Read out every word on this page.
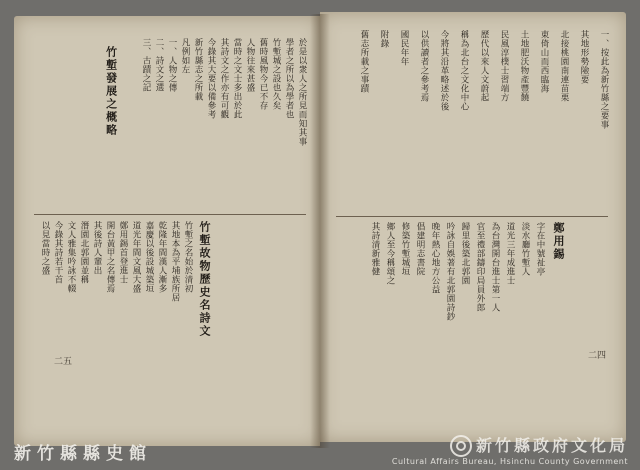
於是以衆人之所見而知其事
學者之所以為學者也
竹塹城之設也久矣
舊時風物今已不存
人物往來甚盛
當時之文士多出於此
其詩文之作亦有可觀
今錄其大要以備參考
新竹縣志之所載
凡例如左
一、人物之傳
二、詩文之選
三、古蹟之記
竹塹發展之概略
竹塹故物歷史名詩文
竹塹之名始於清初
其地本為平埔族所居
乾隆年間漢人漸多
嘉慶以後設城築垣
道光年間文風大盛
鄭用錫首登進士
開台黃甲之名傳焉
其後詩人輩出
潛園北郭園並稱
文人雅集吟詠不輟
今錄其詩若干首
以見當時之盛
二五
一、按此為新竹縣之要事
其地形勢險要
北接桃園南連苗栗
東倚山而西臨海
土地肥沃物產豐饒
民風淳樸士習端方
歷代以來人文蔚起
稱為北台之文化中心
今將其沿革略述於後
以供讀者之參考焉
國民年年
附錄
舊志所載之事蹟
鄭用錫
字在中號祉亭
淡水廳竹塹人
道光三年成進士
為台灣開台進士第一人
官至禮部鑄印局員外郎
歸里後築北郭園
吟詠自娛著有北郭園詩鈔
晚年熱心地方公益
倡建明志書院
修築竹塹城垣
鄉人至今稱頌之
其詩清新雅健
二四
新竹縣縣史館	新竹縣政府文化局
Cultural Affairs Bureau, Hsinchu County Government
